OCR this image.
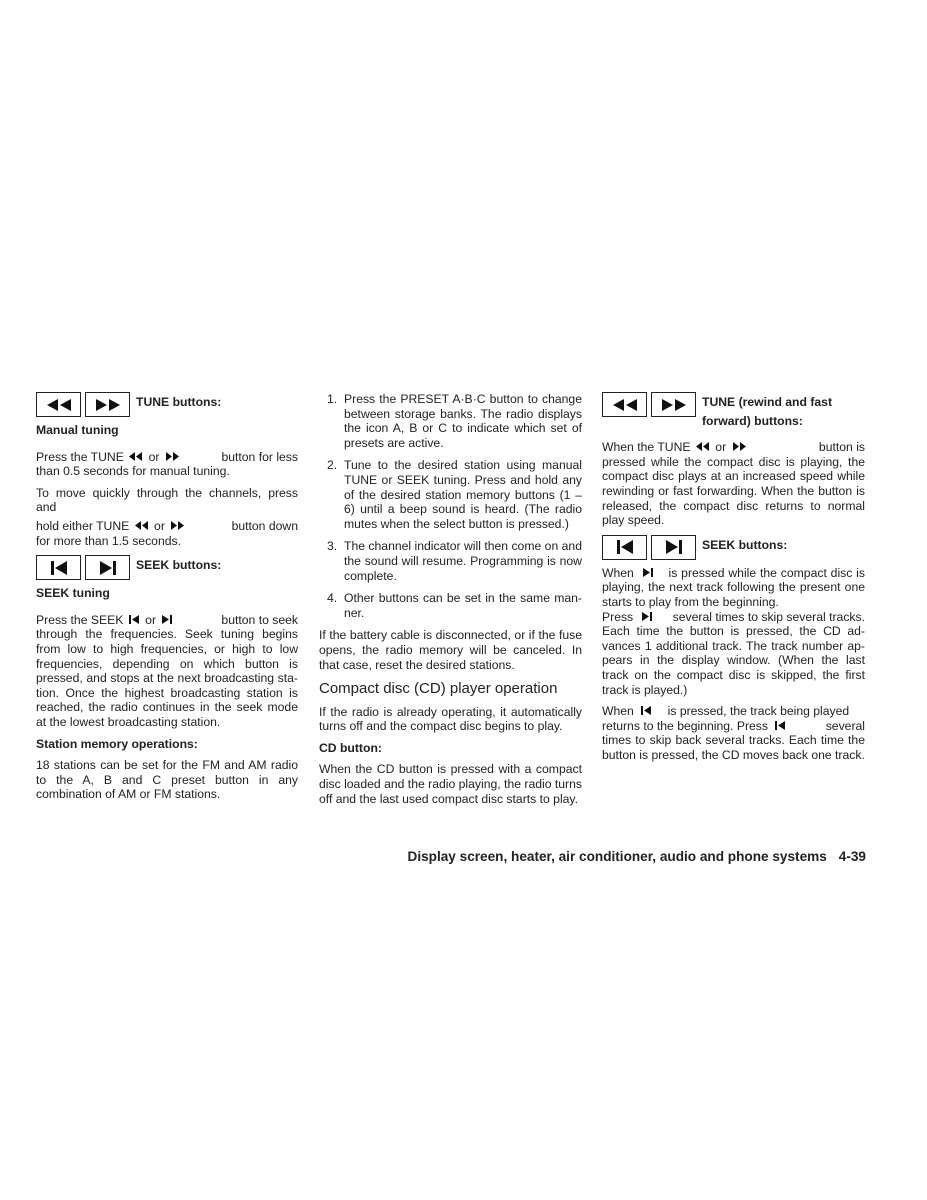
TUNE buttons:
Manual tuning

Press the TUNE or	button for less
than 0.5 seconds for manual tuning.

To move quickly through the channels, press and

hold either TUNE or	button down
for more than 1.5 seconds.

SEEK buttons:
SEEK tuning

Press the SEEK or	button to seek
through the frequencies. Seek tuning begins from low to high frequencies, or high to low frequencies, depending on which button is pressed, and stops at the next broadcasting sta-tion. Once the highest broadcasting station is reached, the radio continues in the seek mode at the lowest broadcasting station.

Station memory operations:

18 stations can be set for the FM and AM radio to the A, B and C preset button in any combination of AM or FM stations.

1. Press the PRESET A·B·C button to change between storage banks. The radio displays the icon A, B or C to indicate which set of presets are active.
2. Tune to the desired station using manual TUNE or SEEK tuning. Press and hold any of the desired station memory buttons (1 – 6) until a beep sound is heard. (The radio mutes when the select button is pressed.)
3. The channel indicator will then come on and the sound will resume. Programming is now complete.
4. Other buttons can be set in the same man-ner.

If the battery cable is disconnected, or if the fuse opens, the radio memory will be canceled. In that case, reset the desired stations.

Compact disc (CD) player operation

If the radio is already operating, it automatically turns off and the compact disc begins to play.

CD button:

When the CD button is pressed with a compact disc loaded and the radio playing, the radio turns off and the last used compact disc starts to play.

TUNE (rewind and fast
forward) buttons:

When the TUNE or	button is
pressed while the compact disc is playing, the compact disc plays at an increased speed while rewinding or fast forwarding. When the button is released, the compact disc returns to normal play speed.

SEEK buttons:

When	is pressed while the compact disc is playing, the next track following the present one starts to play from the beginning.

Press	several times to skip several tracks.
Each time the button is pressed, the CD ad-vances 1 additional track. The track number ap-pears in the display window. (When the last track on the compact disc is skipped, the first track is played.)

When	is pressed, the track being played

returns to the beginning. Press	several
times to skip back several tracks. Each time the button is pressed, the CD moves back one track.

Display screen, heater, air conditioner, audio and phone systems 4-39
